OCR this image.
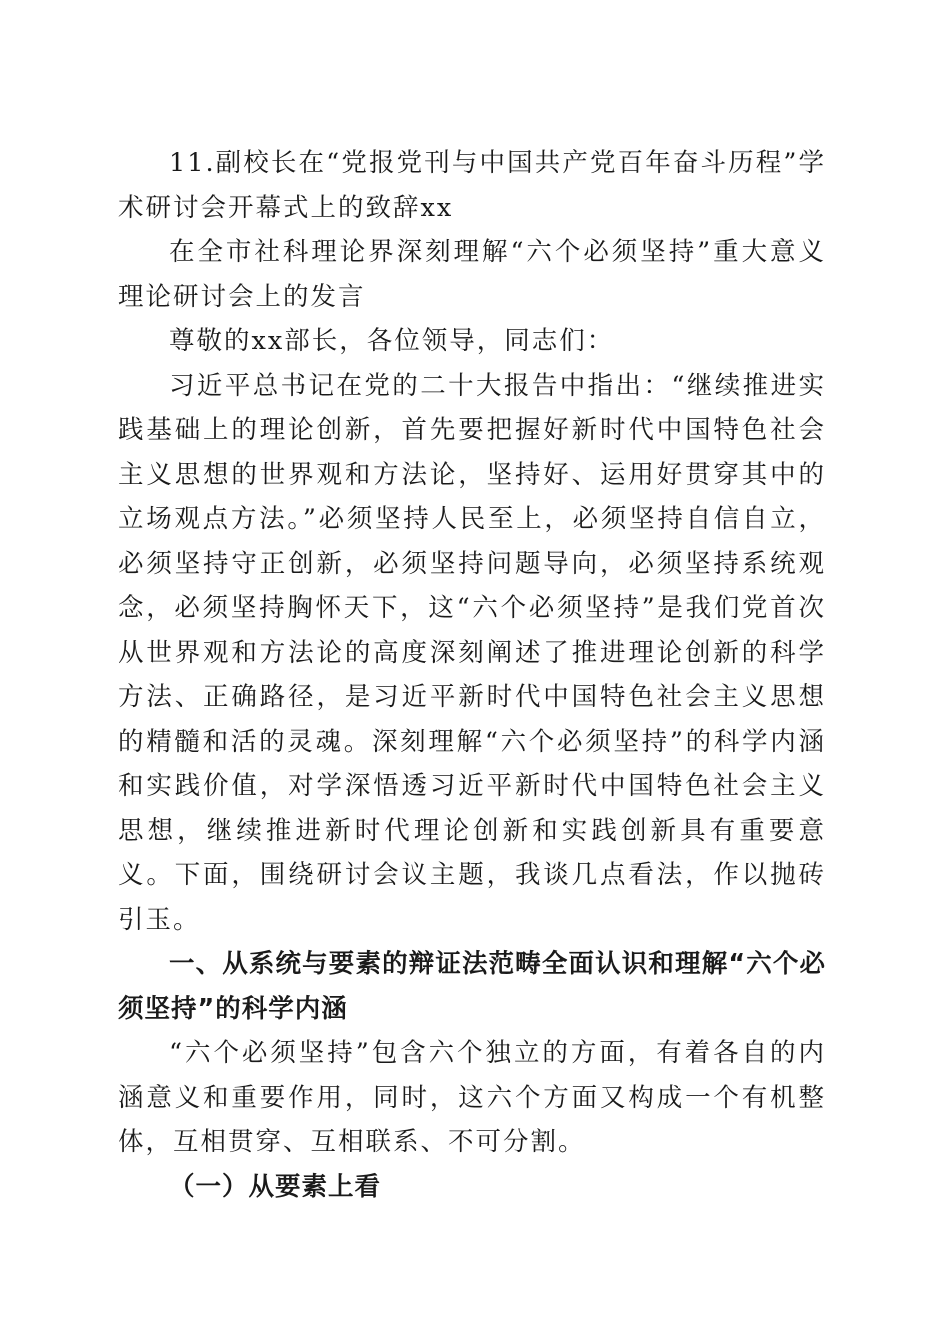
11.副校长在“党报党刊与中国共产党百年奋斗历程”学术研讨会开幕式上的致辞xx

在全市社科理论界深刻理解“六个必须坚持”重大意义理论研讨会上的发言

尊敬的xx部长，各位领导，同志们：

习近平总书记在党的二十大报告中指出：“继续推进实践基础上的理论创新，首先要把握好新时代中国特色社会主义思想的世界观和方法论，坚持好、运用好贯穿其中的立场观点方法。”必须坚持人民至上，必须坚持自信自立，必须坚持守正创新，必须坚持问题导向，必须坚持系统观念，必须坚持胸怀天下，这“六个必须坚持”是我们党首次从世界观和方法论的高度深刻阐述了推进理论创新的科学方法、正确路径，是习近平新时代中国特色社会主义思想的精髓和活的灵魂。深刻理解“六个必须坚持”的科学内涵和实践价值，对学深悟透习近平新时代中国特色社会主义思想，继续推进新时代理论创新和实践创新具有重要意义。下面，围绕研讨会议主题，我谈几点看法，作以抛砖引玉。

一、从系统与要素的辩证法范畴全面认识和理解“六个必须坚持”的科学内涵

“六个必须坚持”包含六个独立的方面，有着各自的内涵意义和重要作用，同时，这六个方面又构成一个有机整体，互相贯穿、互相联系、不可分割。

（一）从要素上看
